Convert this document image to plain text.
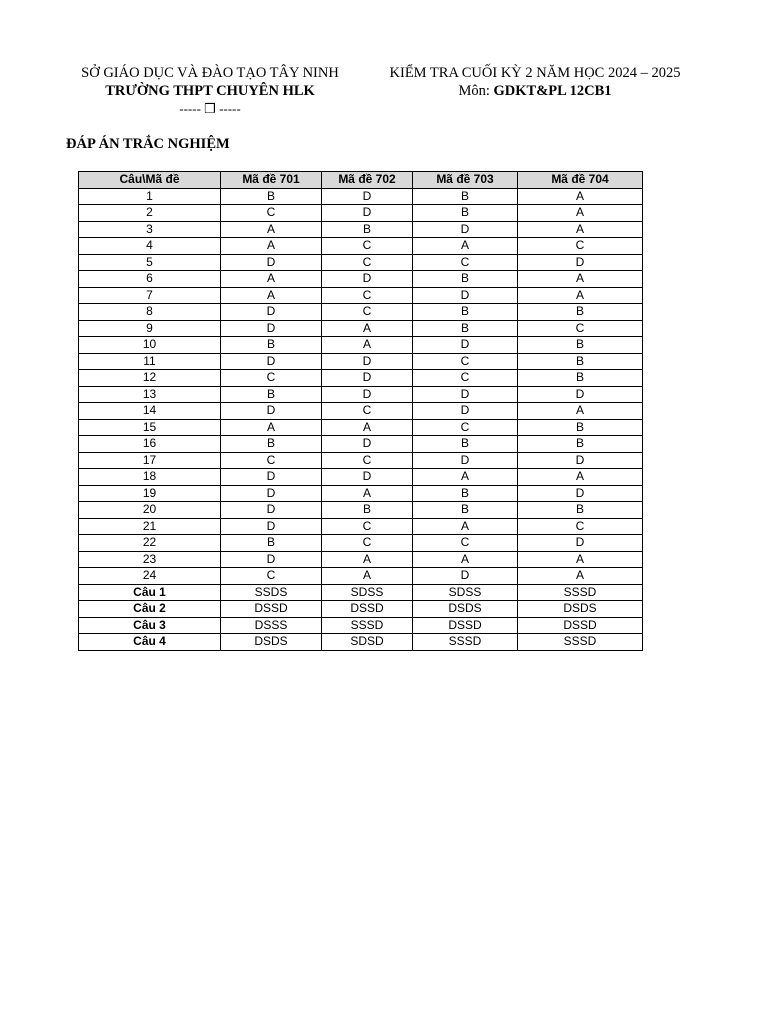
SỞ GIÁO DỤC VÀ ĐÀO TẠO TÂY NINH
TRƯỜNG THPT CHUYÊN HLK
----- ❒ -----
KIỂM TRA CUỐI KỲ 2 NĂM HỌC 2024 – 2025
Môn: GDKT&PL 12CB1
ĐÁP ÁN TRẮC NGHIỆM
Câu\Mã đề	Mã đề 701	Mã đề 702	Mã đề 703	Mã đề 704
1	B	D	B	A
2	C	D	B	A
3	A	B	D	A
4	A	C	A	C
5	D	C	C	D
6	A	D	B	A
7	A	C	D	A
8	D	C	B	B
9	D	A	B	C
10	B	A	D	B
11	D	D	C	B
12	C	D	C	B
13	B	D	D	D
14	D	C	D	A
15	A	A	C	B
16	B	D	B	B
17	C	C	D	D
18	D	D	A	A
19	D	A	B	D
20	D	B	B	B
21	D	C	A	C
22	B	C	C	D
23	D	A	A	A
24	C	A	D	A
Câu 1	SSDS	SDSS	SDSS	SSSD
Câu 2	DSSD	DSSD	DSDS	DSDS
Câu 3	DSSS	SSSD	DSSD	DSSD
Câu 4	DSDS	SDSD	SSSD	SSSD
